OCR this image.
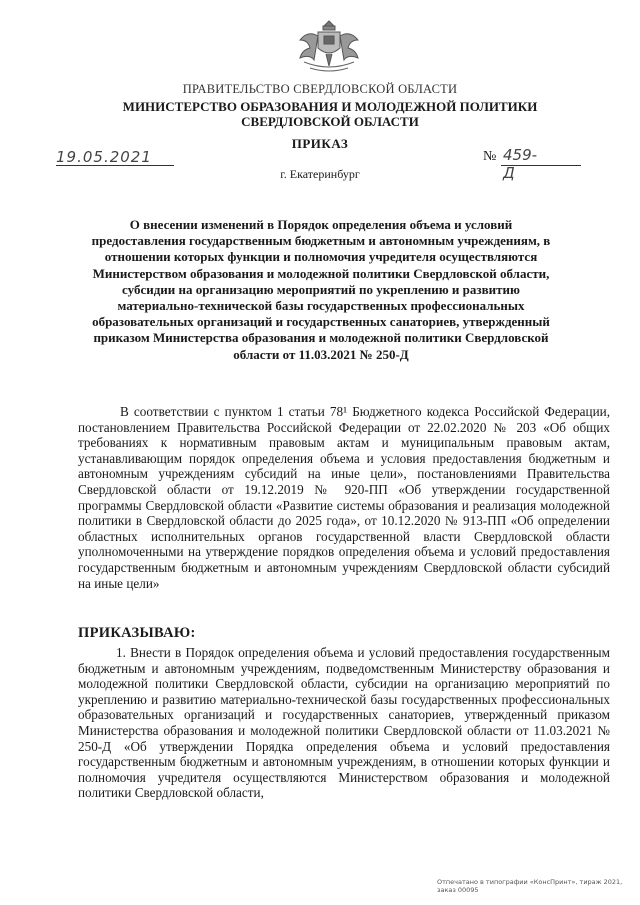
ПРАВИТЕЛЬСТВО СВЕРДЛОВСКОЙ ОБЛАСТИ
МИНИСТЕРСТВО ОБРАЗОВАНИЯ И МОЛОДЕЖНОЙ ПОЛИТИКИ СВЕРДЛОВСКОЙ ОБЛАСТИ
ПРИКАЗ
19.05.2021	№ 459-Д
г. Екатеринбург
О внесении изменений в Порядок определения объема и условий предоставления государственным бюджетным и автономным учреждениям, в отношении которых функции и полномочия учредителя осуществляются Министерством образования и молодежной политики Свердловской области, субсидии на организацию мероприятий по укреплению и развитию материально-технической базы государственных профессиональных образовательных организаций и государственных санаториев, утвержденный приказом Министерства образования и молодежной политики Свердловской области от 11.03.2021 № 250-Д
В соответствии с пунктом 1 статьи 78¹ Бюджетного кодекса Российской Федерации, постановлением Правительства Российской Федерации от 22.02.2020 № 203 «Об общих требованиях к нормативным правовым актам и муниципальным правовым актам, устанавливающим порядок определения объема и условия предоставления бюджетным и автономным учреждениям субсидий на иные цели», постановлениями Правительства Свердловской области от 19.12.2019 № 920-ПП «Об утверждении государственной программы Свердловской области «Развитие системы образования и реализация молодежной политики в Свердловской области до 2025 года», от 10.12.2020 № 913-ПП «Об определении областных исполнительных органов государственной власти Свердловской области уполномоченными на утверждение порядков определения объема и условий предоставления государственным бюджетным и автономным учреждениям Свердловской области субсидий на иные цели»
ПРИКАЗЫВАЮ:
1. Внести в Порядок определения объема и условий предоставления государственным бюджетным и автономным учреждениям, подведомственным Министерству образования и молодежной политики Свердловской области, субсидии на организацию мероприятий по укреплению и развитию материально-технической базы государственных профессиональных образовательных организаций и государственных санаториев, утвержденный приказом Министерства образования и молодежной политики Свердловской области от 11.03.2021 № 250-Д «Об утверждении Порядка определения объема и условий предоставления государственным бюджетным и автономным учреждениям, в отношении которых функции и полномочия учредителя осуществляются Министерством образования и молодежной политики Свердловской области,
Отпечатано в типографии «КонсПринт», тираж 2021, заказ 00095
